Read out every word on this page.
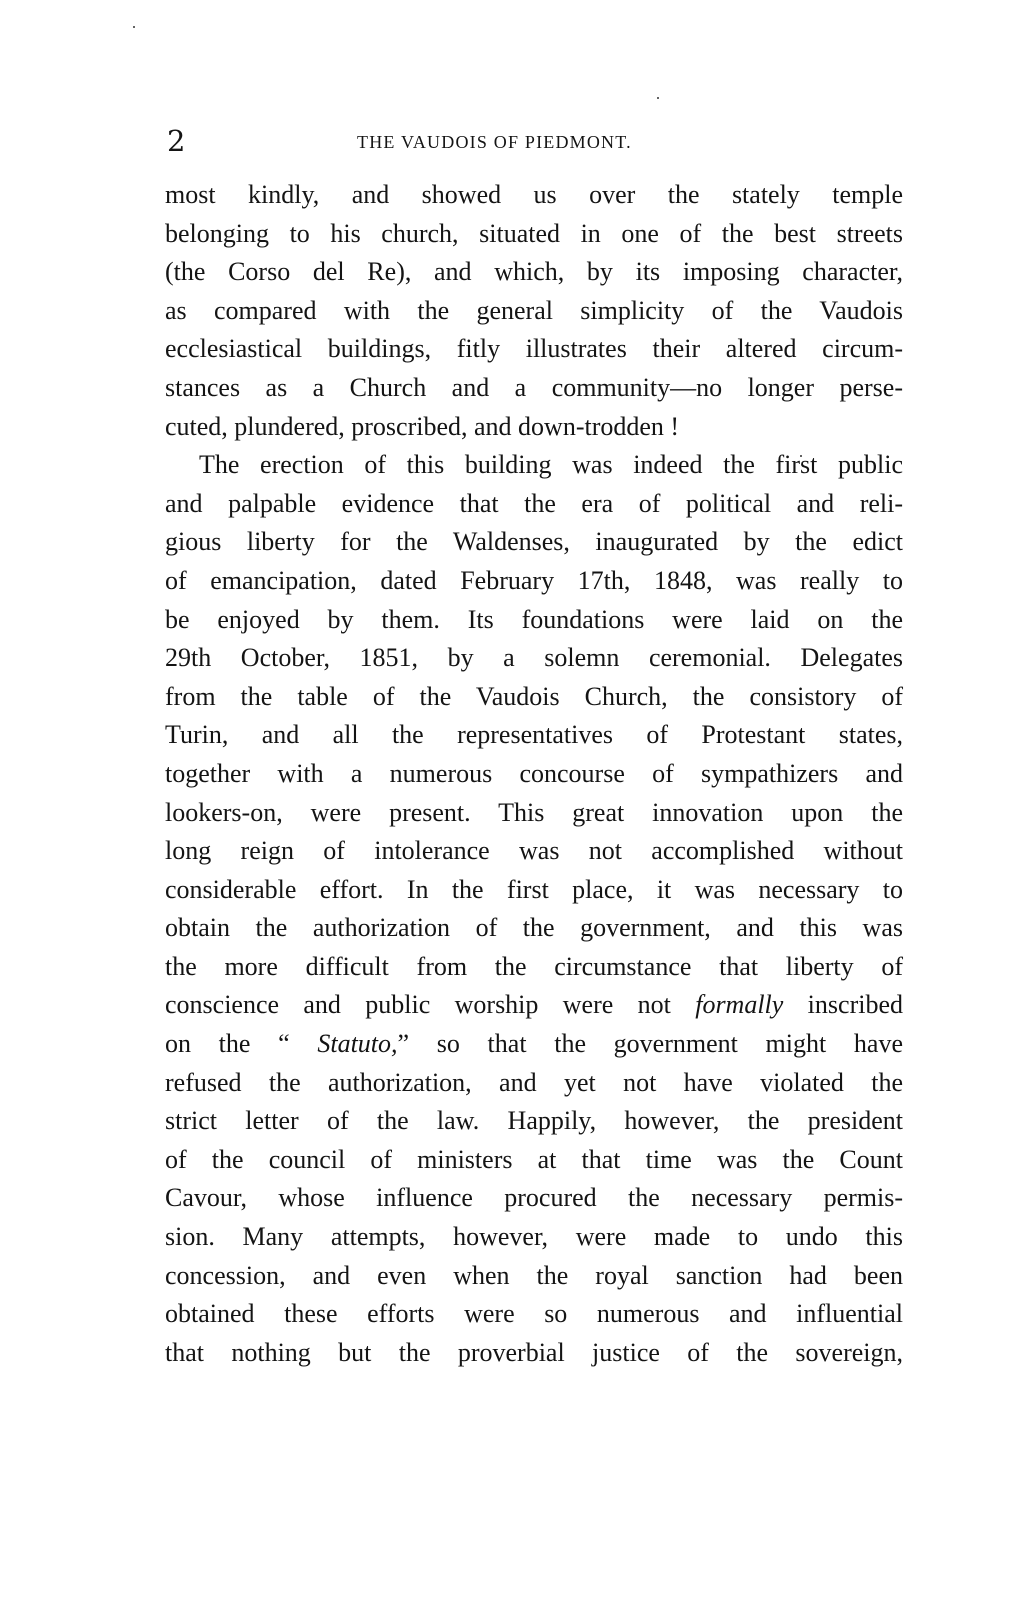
2	THE VAUDOIS OF PIEDMONT.
most kindly, and showed us over the stately temple
belonging to his church, situated in one of the best streets
(the Corso del Re), and which, by its imposing character,
as compared with the general simplicity of the Vaudois
ecclesiastical buildings, fitly illustrates their altered circum-
stances as a Church and a community—no longer perse-
cuted, plundered, proscribed, and down-trodden !
The erection of this building was indeed the first public
and palpable evidence that the era of political and reli-
gious liberty for the Waldenses, inaugurated by the edict
of emancipation, dated February 17th, 1848, was really to
be enjoyed by them. Its foundations were laid on the
29th October, 1851, by a solemn ceremonial. Delegates
from the table of the Vaudois Church, the consistory of
Turin, and all the representatives of Protestant states,
together with a numerous concourse of sympathizers and
lookers-on, were present. This great innovation upon the
long reign of intolerance was not accomplished without
considerable effort. In the first place, it was necessary to
obtain the authorization of the government, and this was
the more difficult from the circumstance that liberty of
conscience and public worship were not formally inscribed
on the “ Statuto,” so that the government might have
refused the authorization, and yet not have violated the
strict letter of the law. Happily, however, the president
of the council of ministers at that time was the Count
Cavour, whose influence procured the necessary permis-
sion. Many attempts, however, were made to undo this
concession, and even when the royal sanction had been
obtained these efforts were so numerous and influential
that nothing but the proverbial justice of the sovereign,
